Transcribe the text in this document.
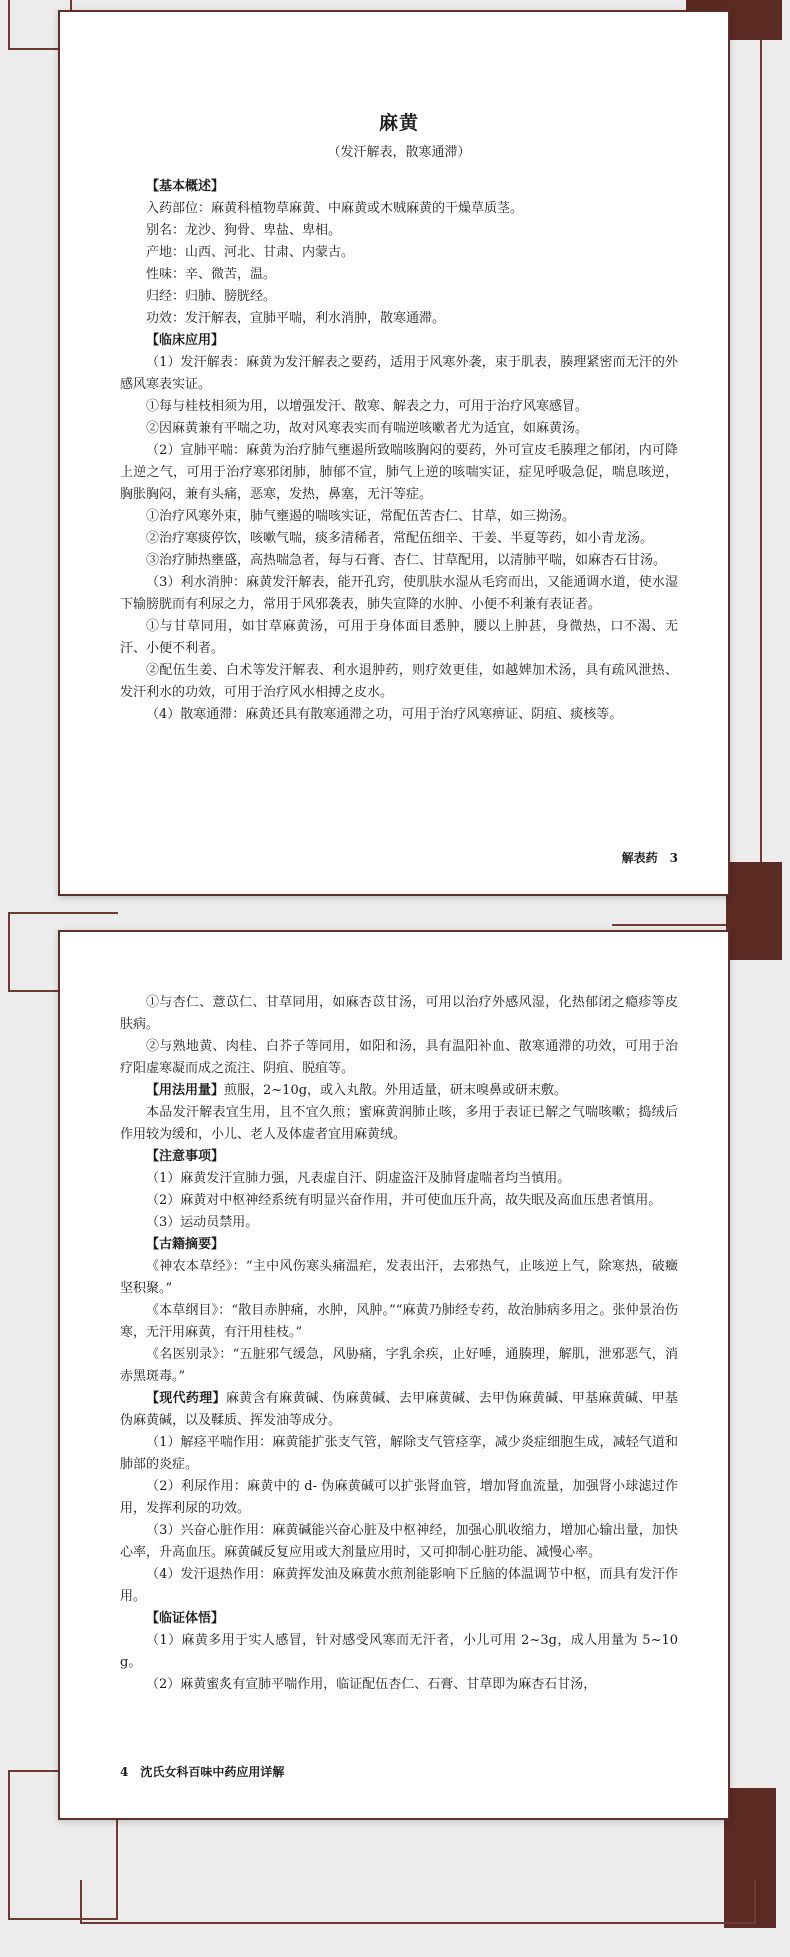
麻黄

（发汗解表，散寒通滞）

【基本概述】

入药部位：麻黄科植物草麻黄、中麻黄或木贼麻黄的干燥草质茎。

别名：龙沙、狗骨、卑盐、卑相。

产地：山西、河北、甘肃、内蒙古。

性味：辛、微苦，温。

归经：归肺、膀胱经。

功效：发汗解表，宣肺平喘，利水消肿，散寒通滞。

【临床应用】

（1）发汗解表：麻黄为发汗解表之要药，适用于风寒外袭，束于肌表，腠理紧密而无汗的外感风寒表实证。

①每与桂枝相须为用，以增强发汗、散寒、解表之力，可用于治疗风寒感冒。

②因麻黄兼有平喘之功，故对风寒表实而有喘逆咳嗽者尤为适宜，如麻黄汤。

（2）宣肺平喘：麻黄为治疗肺气壅遏所致喘咳胸闷的要药，外可宣皮毛腠理之郁闭，内可降上逆之气，可用于治疗寒邪闭肺，肺郁不宣，肺气上逆的咳喘实证，症见呼吸急促，喘息咳逆，胸胀胸闷，兼有头痛，恶寒，发热，鼻塞，无汗等症。

①治疗风寒外束，肺气壅遏的喘咳实证，常配伍苦杏仁、甘草，如三拗汤。

②治疗寒痰停饮，咳嗽气喘，痰多清稀者，常配伍细辛、干姜、半夏等药，如小青龙汤。

③治疗肺热壅盛，高热喘急者，每与石膏、杏仁、甘草配用，以清肺平喘，如麻杏石甘汤。

（3）利水消肿：麻黄发汗解表，能开孔窍，使肌肤水湿从毛窍而出，又能通调水道，使水湿下输膀胱而有利尿之力，常用于风邪袭表，肺失宣降的水肿、小便不利兼有表证者。

①与甘草同用，如甘草麻黄汤，可用于身体面目悉肿，腰以上肿甚，身微热，口不渴、无汗、小便不利者。

②配伍生姜、白术等发汗解表、利水退肿药，则疗效更佳，如越婢加术汤，具有疏风泄热、发汗利水的功效，可用于治疗风水相搏之皮水。

（4）散寒通滞：麻黄还具有散寒通滞之功，可用于治疗风寒痹证、阴疽、痰核等。

解表药　3

①与杏仁、薏苡仁、甘草同用，如麻杏苡甘汤，可用以治疗外感风湿，化热郁闭之瘾疹等皮肤病。

②与熟地黄、肉桂、白芥子等同用，如阳和汤，具有温阳补血、散寒通滞的功效，可用于治疗阳虚寒凝而成之流注、阴疽、脱疽等。

【用法用量】煎服，2~10g，或入丸散。外用适量，研末嗅鼻或研末敷。

本品发汗解表宜生用，且不宜久煎；蜜麻黄润肺止咳，多用于表证已解之气喘咳嗽；捣绒后作用较为缓和，小儿、老人及体虚者宜用麻黄绒。

【注意事项】

（1）麻黄发汗宣肺力强，凡表虚自汗、阴虚盗汗及肺肾虚喘者均当慎用。

（2）麻黄对中枢神经系统有明显兴奋作用，并可使血压升高，故失眠及高血压患者慎用。

（3）运动员禁用。

【古籍摘要】

《神农本草经》：“主中风伤寒头痛温疟，发表出汗，去邪热气，止咳逆上气，除寒热，破癥坚积聚。”

《本草纲目》：“散目赤肿痛，水肿，风肿。”“麻黄乃肺经专药，故治肺病多用之。张仲景治伤寒，无汗用麻黄，有汗用桂枝。”

《名医别录》：“五脏邪气缓急，风胁痛，字乳余疾，止好唾，通腠理，解肌，泄邪恶气，消赤黑斑毒。”

【现代药理】麻黄含有麻黄碱、伪麻黄碱、去甲麻黄碱、去甲伪麻黄碱、甲基麻黄碱、甲基伪麻黄碱，以及鞣质、挥发油等成分。

（1）解痉平喘作用：麻黄能扩张支气管，解除支气管痉挛，减少炎症细胞生成，减轻气道和肺部的炎症。

（2）利尿作用：麻黄中的 d- 伪麻黄碱可以扩张肾血管，增加肾血流量，加强肾小球滤过作用，发挥利尿的功效。

（3）兴奋心脏作用：麻黄碱能兴奋心脏及中枢神经，加强心肌收缩力，增加心输出量，加快心率，升高血压。麻黄碱反复应用或大剂量应用时，又可抑制心脏功能、减慢心率。

（4）发汗退热作用：麻黄挥发油及麻黄水煎剂能影响下丘脑的体温调节中枢，而具有发汗作用。

【临证体悟】

（1）麻黄多用于实人感冒，针对感受风寒而无汗者，小儿可用 2~3g，成人用量为 5~10g。

（2）麻黄蜜炙有宣肺平喘作用，临证配伍杏仁、石膏、甘草即为麻杏石甘汤，

4　沈氏女科百味中药应用详解
